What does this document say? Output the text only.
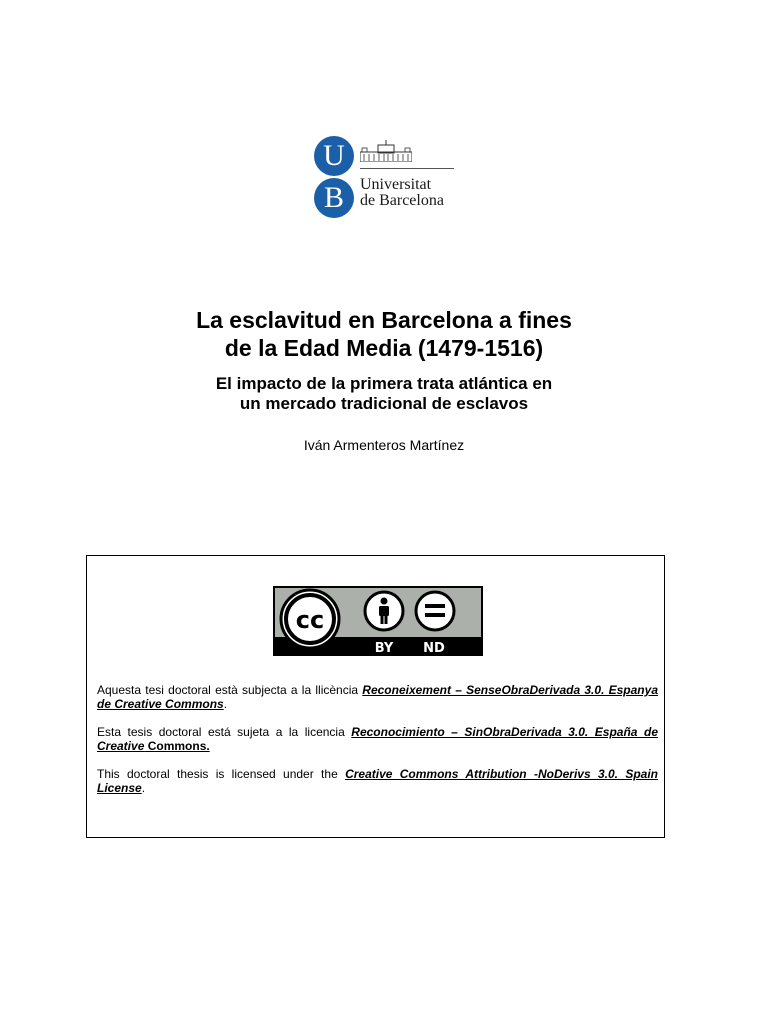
U
B	Universitat
de Barcelona
La esclavitud en Barcelona a fines
de la Edad Media (1479-1516)
El impacto de la primera trata atlántica en
un mercado tradicional de esclavos
Iván Armenteros Martínez
cc
BY ND

Aquesta tesi doctoral està subjecta a la llicència Reconeixement – SenseObraDerivada 3.0. Espanya de Creative Commons.

Esta tesis doctoral está sujeta a la licencia Reconocimiento – SinObraDerivada 3.0. España de Creative Commons.

This doctoral thesis is licensed under the Creative Commons Attribution -NoDerivs 3.0. Spain License.
